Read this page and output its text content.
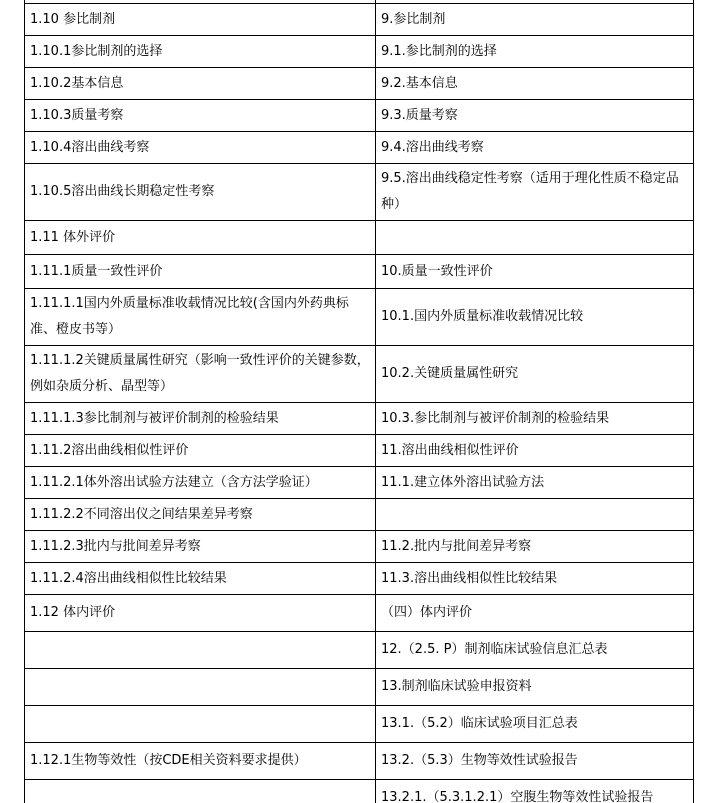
1.10 参比制剂	9.参比制剂
1.10.1参比制剂的选择	9.1.参比制剂的选择
1.10.2基本信息	9.2.基本信息
1.10.3质量考察	9.3.质量考察
1.10.4溶出曲线考察	9.4.溶出曲线考察
1.10.5溶出曲线长期稳定性考察	9.5.溶出曲线稳定性考察（适用于理化性质不稳定品种）
1.11 体外评价	
1.11.1质量一致性评价	10.质量一致性评价
1.11.1.1国内外质量标准收载情况比较(含国内外药典标准、橙皮书等）	10.1.国内外质量标准收载情况比较
1.11.1.2关键质量属性研究（影响一致性评价的关键参数，例如杂质分析、晶型等）	10.2.关键质量属性研究
1.11.1.3参比制剂与被评价制剂的检验结果	10.3.参比制剂与被评价制剂的检验结果
1.11.2溶出曲线相似性评价	11.溶出曲线相似性评价
1.11.2.1体外溶出试验方法建立（含方法学验证）	11.1.建立体外溶出试验方法
1.11.2.2不同溶出仪之间结果差异考察	
1.11.2.3批内与批间差异考察	11.2.批内与批间差异考察
1.11.2.4溶出曲线相似性比较结果	11.3.溶出曲线相似性比较结果
1.12 体内评价	（四）体内评价
	12.（2.5. P）制剂临床试验信息汇总表
	13.制剂临床试验申报资料
	13.1.（5.2）临床试验项目汇总表
1.12.1生物等效性（按CDE相关资料要求提供）	13.2.（5.3）生物等效性试验报告
	13.2.1.（5.3.1.2.1）空腹生物等效性试验报告
